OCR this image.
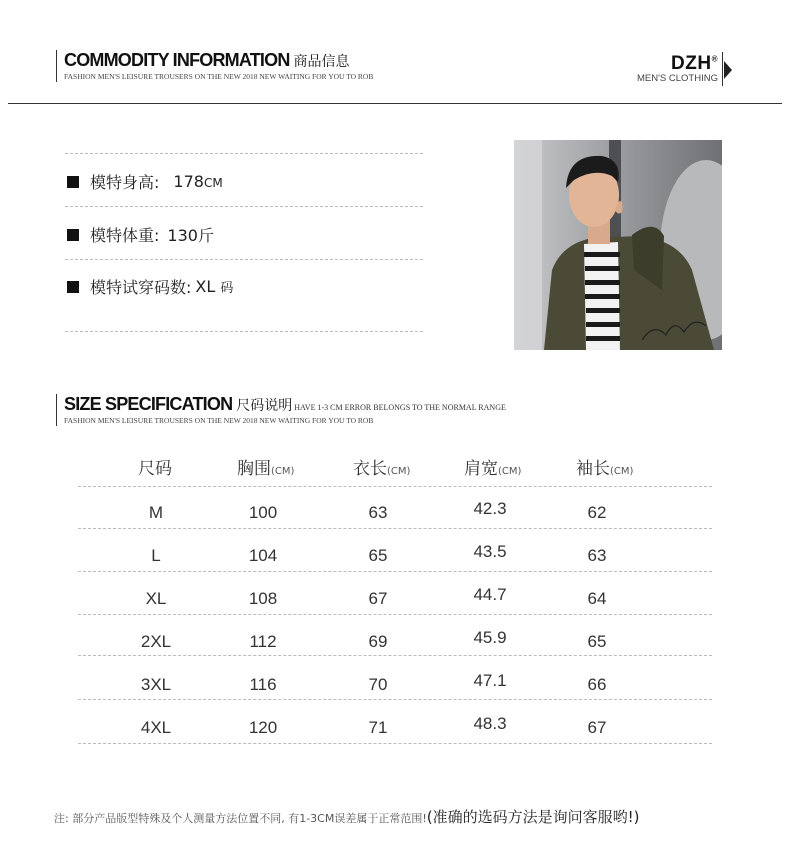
COMMODITY INFORMATION 商品信息
FASHION MEN'S LEISURE TROUSERS ON THE NEW 2018 NEW WAITING FOR YOU TO ROB
DZH®
MEN'S CLOTHING
模特身高: 178CM
模特体重: 130斤
模特试穿码数: XL 码
SIZE SPECIFICATION 尺码说明 HAVE 1-3 CM ERROR BELONGS TO THE NORMAL RANGE
FASHION MEN'S LEISURE TROUSERS ON THE NEW 2018 NEW WAITING FOR YOU TO ROB
尺码	胸围(CM)	衣长(CM)	肩宽(CM)	袖长(CM)
M	100	63	42.3	62
L	104	65	43.5	63
XL	108	67	44.7	64
2XL	112	69	45.9	65
3XL	116	70	47.1	66
4XL	120	71	48.3	67
注: 部分产品版型特殊及个人测量方法位置不同, 有1-3CM误差属于正常范围!(准确的选码方法是询问客服哟!)
